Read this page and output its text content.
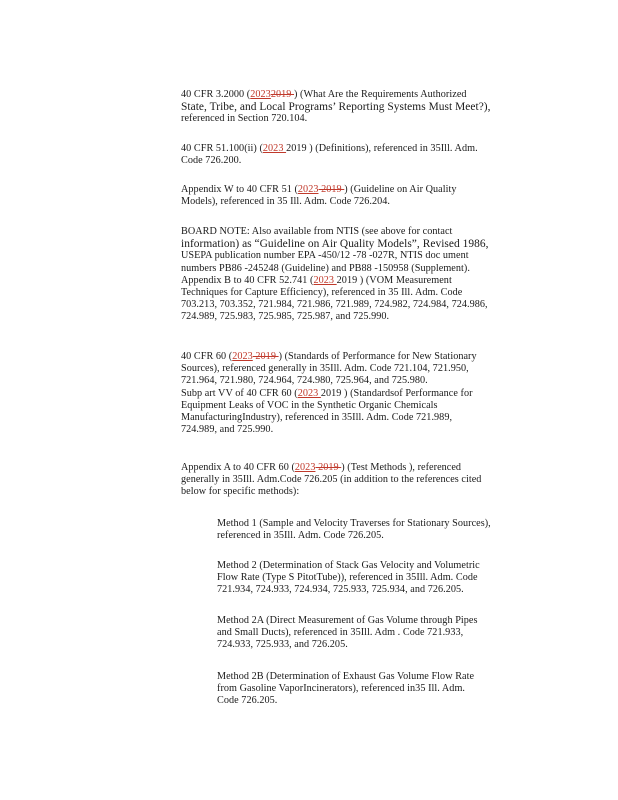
40 CFR 3.2000 (20232019 ) (What Are the Requirements Authorized

State, Tribe, and Local Programs’ Reporting Systems Must Meet?),

referenced in Section 720.104.

40 CFR 51.100(ii) (2023 2019 ) (Definitions), referenced in 35Ill. Adm.

Code 726.200.

Appendix W to 40 CFR 51 (2023 2019 ) (Guideline on Air Quality

Models), referenced in 35 Ill. Adm. Code 726.204.

BOARD NOTE: Also available from NTIS (see above for contact

information) as “Guideline on Air Quality Models”, Revised 1986,

USEPA publication number EPA -450/12 -78 -027R, NTIS doc ument

numbers PB86 -245248 (Guideline) and PB88 -150958 (Supplement).

Appendix B to 40 CFR 52.741 (2023 2019 ) (VOM Measurement

Techniques for Capture Efficiency), referenced in 35 Ill. Adm. Code

703.213, 703.352, 721.984, 721.986, 721.989, 724.982, 724.984, 724.986,

724.989, 725.983, 725.985, 725.987, and 725.990.

40 CFR 60 (2023 2019 ) (Standards of Performance for New Stationary

Sources), referenced generally in 35Ill. Adm. Code 721.104, 721.950,

721.964, 721.980, 724.964, 724.980, 725.964, and 725.980.

Subp art VV of 40 CFR 60 (2023 2019 ) (Standardsof Performance for

Equipment Leaks of VOC in the Synthetic Organic Chemicals

ManufacturingIndustry), referenced in 35Ill. Adm. Code 721.989,

724.989, and 725.990.

Appendix A to 40 CFR 60 (2023 2019 ) (Test Methods ), referenced

generally in 35Ill. Adm.Code 726.205 (in addition to the references cited

below for specific methods):

Method 1 (Sample and Velocity Traverses for Stationary Sources),

referenced in 35Ill. Adm. Code 726.205.

Method 2 (Determination of Stack Gas Velocity and Volumetric

Flow Rate (Type S PitotTube)), referenced in 35Ill. Adm. Code

721.934, 724.933, 724.934, 725.933, 725.934, and 726.205.

Method 2A (Direct Measurement of Gas Volume through Pipes

and Small Ducts), referenced in 35Ill. Adm . Code 721.933,

724.933, 725.933, and 726.205.

Method 2B (Determination of Exhaust Gas Volume Flow Rate

from Gasoline VaporIncinerators), referenced in35 Ill. Adm.

Code 726.205.
